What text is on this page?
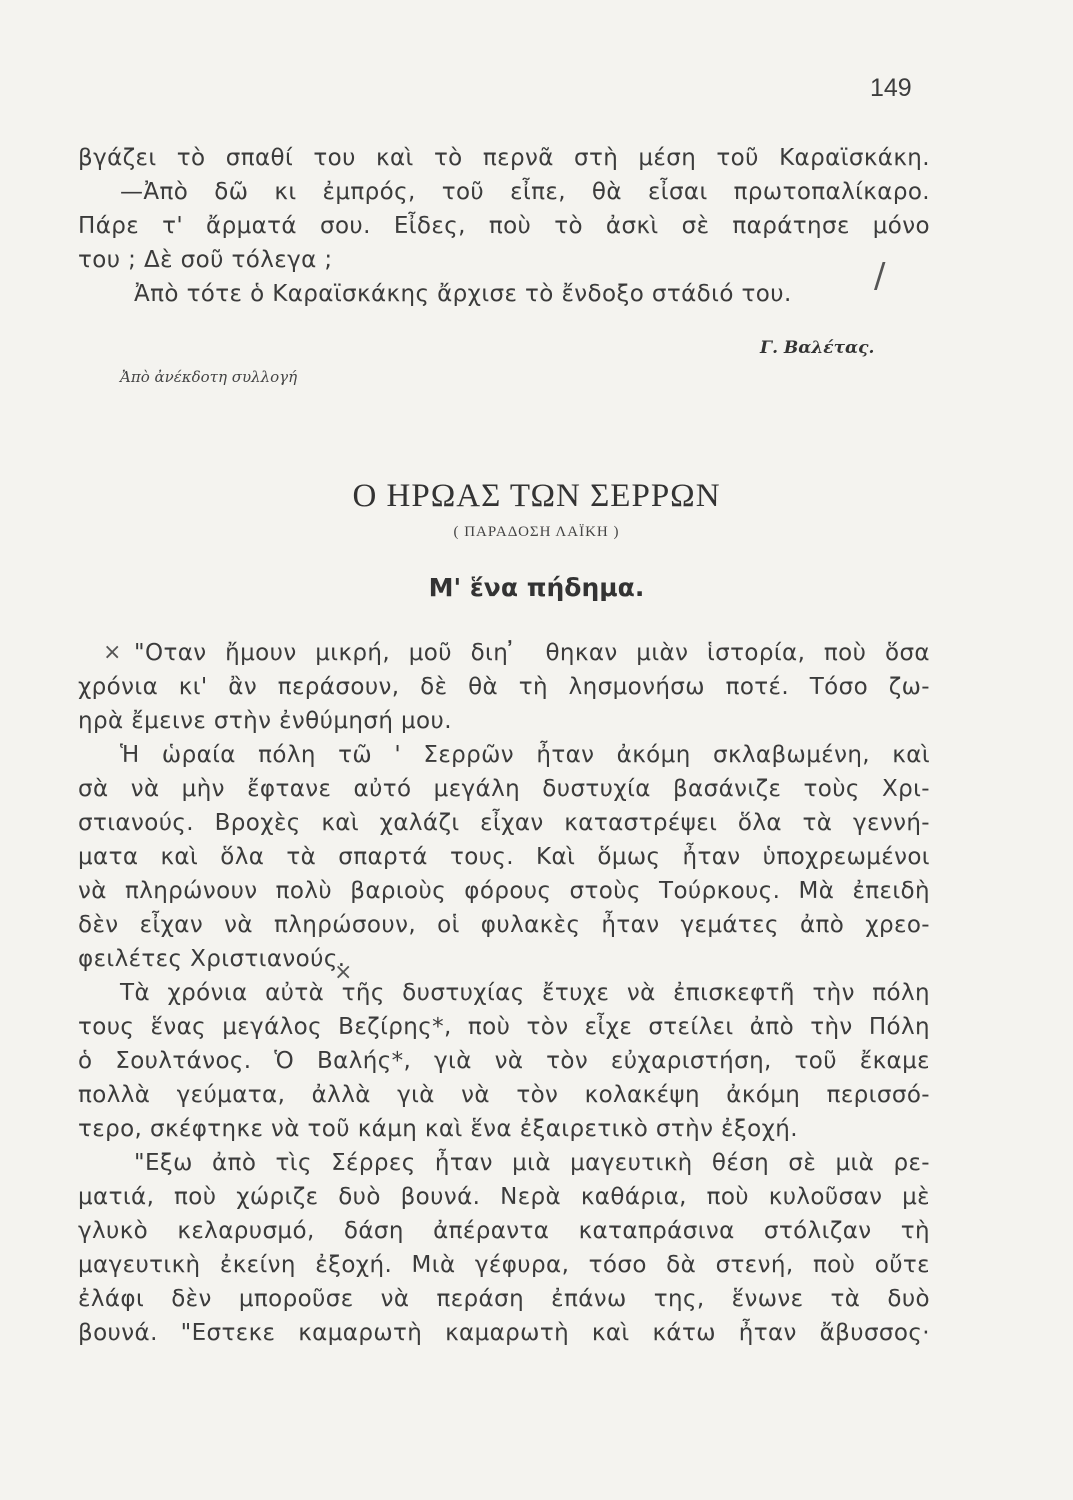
149
βγάζει τὸ σπαθί του καὶ τὸ περνᾶ στὴ μέση τοῦ Καραϊσκάκη.
—Ἀπὸ δῶ κι ἐμπρός, τοῦ εἶπε, θὰ εἶσαι πρωτοπαλίκαρο.
Πάρε τ' ἄρματά σου. Εἶδες, ποὺ τὸ ἀσκὶ σὲ παράτησε μόνο
του ; Δὲ σοῦ τόλεγα ;
Ἀπὸ τότε ὁ Καραϊσκάκης ἄρχισε τὸ ἔνδοξο στάδιό του.	/
Γ. Βαλέτας.
Ἀπὸ ἀνέκδοτη συλλογή
Ο ΗΡΩΑΣ ΤΩΝ ΣΕΡΡΩΝ
( ΠΑΡΑΔΟΣΗ ΛΑΪΚΗ )
Μ' ἕνα πήδημα.
× "Οταν ἤμουν μικρή, μοῦ διη ̓ θηκαν μιὰν ἱστορία, ποὺ ὅσα
χρόνια κι' ἂν περάσουν, δὲ θὰ τὴ λησμονήσω ποτέ. Τόσο ζω-
ηρὰ ἔμεινε στὴν ἐνθύμησή μου.
Ἡ ὡραία πόλη τῶ ' Σερρῶν ἦταν ἀκόμη σκλαβωμένη, καὶ
σὰ νὰ μὴν ἔφτανε αὐτό μεγάλη δυστυχία βασάνιζε τοὺς Χρι-
στιανούς. Βροχὲς καὶ χαλάζι εἶχαν καταστρέψει ὅλα τὰ γεννή-
ματα καὶ ὅλα τὰ σπαρτά τους. Καὶ ὅμως ἦταν ὑποχρεωμένοι
νὰ πληρώνουν πολὺ βαριοὺς φόρους στοὺς Τούρκους. Μὰ ἐπειδὴ
δὲν εἶχαν νὰ πληρώσουν, οἱ φυλακὲς ἦταν γεμάτες ἀπὸ χρεο-
φειλέτες Χριστιανούς.
Τὰ χρόνια αὐτὰ τῆς δυστυχίας ἔτυχε νὰ ἐπισκεφτῆ τὴν πόλη
τους ἕνας μεγάλος Βεζίρης*, ποὺ τὸν εἶχε στείλει ἀπὸ τὴν Πόλη
ὁ Σουλτάνος. Ὁ Βαλής*, γιὰ νὰ τὸν εὐχαριστήση, τοῦ ἔκαμε
πολλὰ γεύματα, ἀλλὰ γιὰ νὰ τὸν κολακέψη ἀκόμη περισσό-
τερο, σκέφτηκε νὰ τοῦ κάμη καὶ ἕνα ἐξαιρετικὸ στὴν ἐξοχή.
"Εξω ἀπὸ τὶς Σέρρες ἦταν μιὰ μαγευτικὴ θέση σὲ μιὰ ρε-
ματιά, ποὺ χώριζε δυὸ βουνά. Νερὰ καθάρια, ποὺ κυλοῦσαν μὲ
γλυκὸ κελαρυσμό, δάση ἀπέραντα καταπράσινα στόλιζαν τὴ
μαγευτικὴ ἐκείνη ἐξοχή. Μιὰ γέφυρα, τόσο δὰ στενή, ποὺ οὔτε
ἐλάφι δὲν μποροῦσε νὰ περάση ἐπάνω της, ἕνωνε τὰ δυὸ
βουνά. "Εστεκε καμαρωτὴ καμαρωτὴ καὶ κάτω ἦταν ἄβυσσος·
×
